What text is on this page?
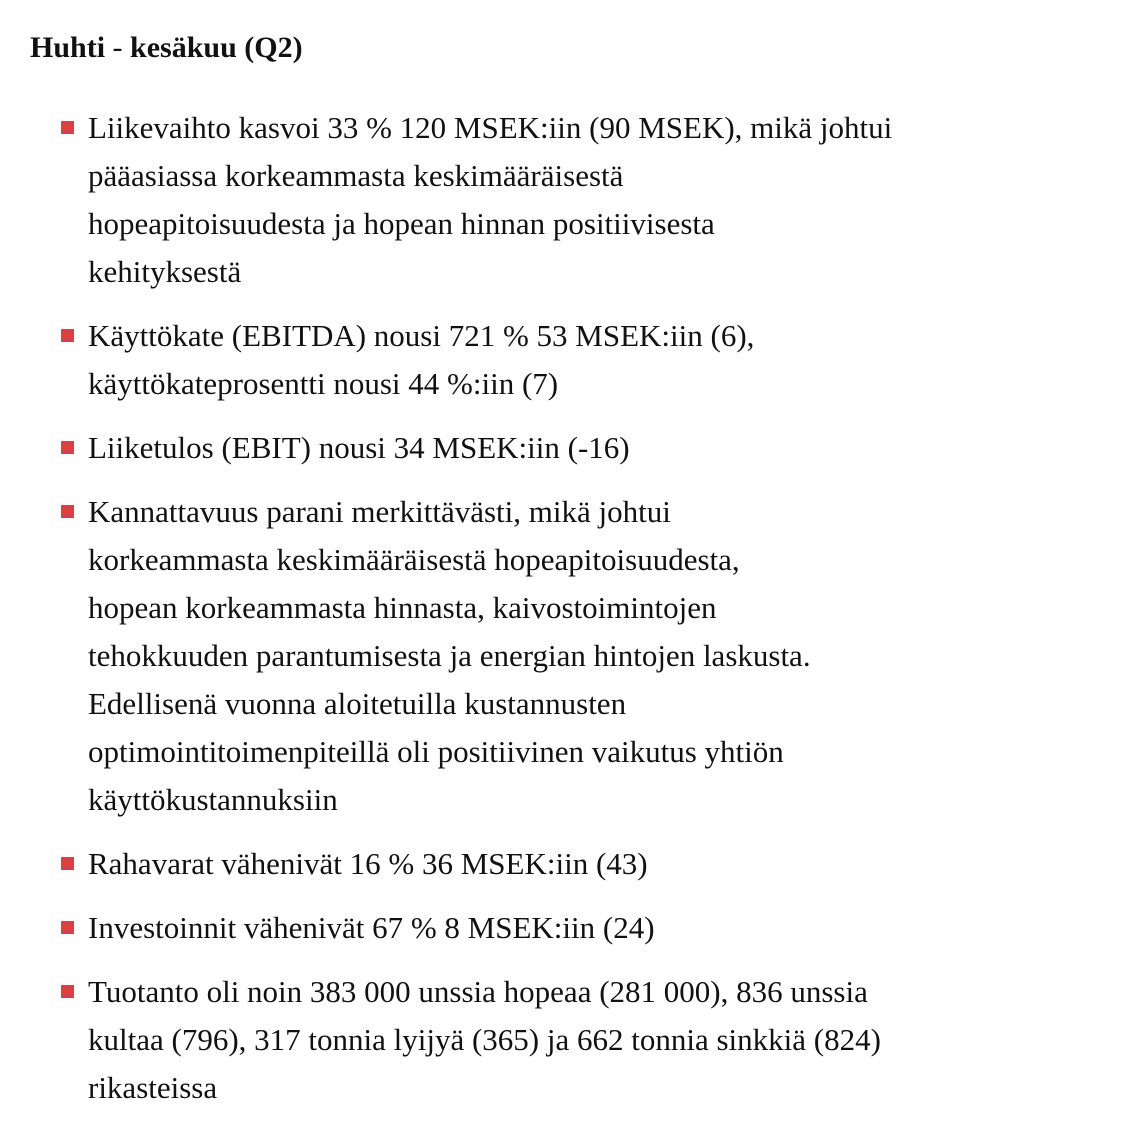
Huhti - kesäkuu (Q2)
Liikevaihto kasvoi 33 % 120 MSEK:iin (90 MSEK), mikä johtui
pääasiassa korkeammasta keskimääräisestä
hopeapitoisuudesta ja hopean hinnan positiivisesta
kehityksestä
Käyttökate (EBITDA) nousi 721 % 53 MSEK:iin (6),
käyttökateprosentti nousi 44 %:iin (7)
Liiketulos (EBIT) nousi 34 MSEK:iin (-16)
Kannattavuus parani merkittävästi, mikä johtui
korkeammasta keskimääräisestä hopeapitoisuudesta,
hopean korkeammasta hinnasta, kaivostoimintojen
tehokkuuden parantumisesta ja energian hintojen laskusta.
Edellisenä vuonna aloitetuilla kustannusten
optimointitoimenpiteillä oli positiivinen vaikutus yhtiön
käyttökustannuksiin
Rahavarat vähenivät 16 % 36 MSEK:iin (43)
Investoinnit vähenivät 67 % 8 MSEK:iin (24)
Tuotanto oli noin 383 000 unssia hopeaa (281 000), 836 unssia
kultaa (796), 317 tonnia lyijyä (365) ja 662 tonnia sinkkiä (824)
rikasteissa
